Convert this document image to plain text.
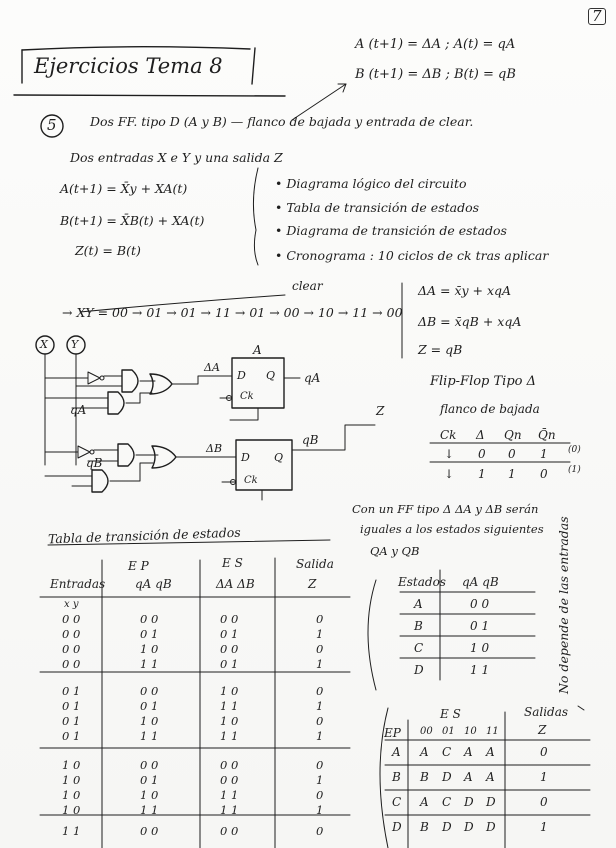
7
Ejercicios Tema 8
A (t+1) = ΔA ; A(t) = qA
B (t+1) = ΔB ; B(t) = qB
5	Dos FF. tipo D (A y B) — flanco de bajada y entrada de clear.
Dos entradas X e Y y una salida Z
A(t+1) = X̄y + XA(t)
B(t+1) = X̄B(t) + XA(t)
Z(t) = B(t)
• Diagrama lógico del circuito
• Tabla de transición de estados
• Diagrama de transición de estados
• Cronograma : 10 ciclos de ck tras aplicar
clear
→ XY = 00 → 01 → 01 → 11 → 01 → 00 → 10 → 11 → 00
ΔA = x̄y + xqA
ΔB = x̄qB + xqA
Z = qB
X Y	A
D Q
Ck
D Q
Ck
ΔA
ΔB
qA
qB
qA
qB
Z
Flip-Flop Tipo Δ
flanco de bajada
Ck Δ Qn Q̄n
↓ 0 0 1 (0)
↓ 1 1 0 (1)
Con un FF tipo Δ ΔA y ΔB serán
iguales a los estados siguientes
QA y QB
Tabla de transición de estados
E P	E S	Salida
Entradas qA qB	ΔA ΔB	Z
x y
0 0	0 0	0 0	0
0 0	0 1	0 1	1
0 0	1 0	0 0	0
0 0	1 1	0 1	1
0 1	0 0	1 0	0
0 1	0 1	1 1	1
0 1	1 0	1 0	0
0 1	1 1	1 1	1
1 0	0 0	0 0	0
1 0	0 1	0 0	1
1 0	1 0	1 1	0
1 0	1 1	1 1	1
1 1	0 0	0 0	0
Estados qA qB
A	0 0
B	0 1
C	1 0
D	1 1	No depende de las entradas
E S	Salidas
EP 00 01 10 11	Z
A A C A A	0
B B D A A	1
C A C D D	0
D B D D D	1
